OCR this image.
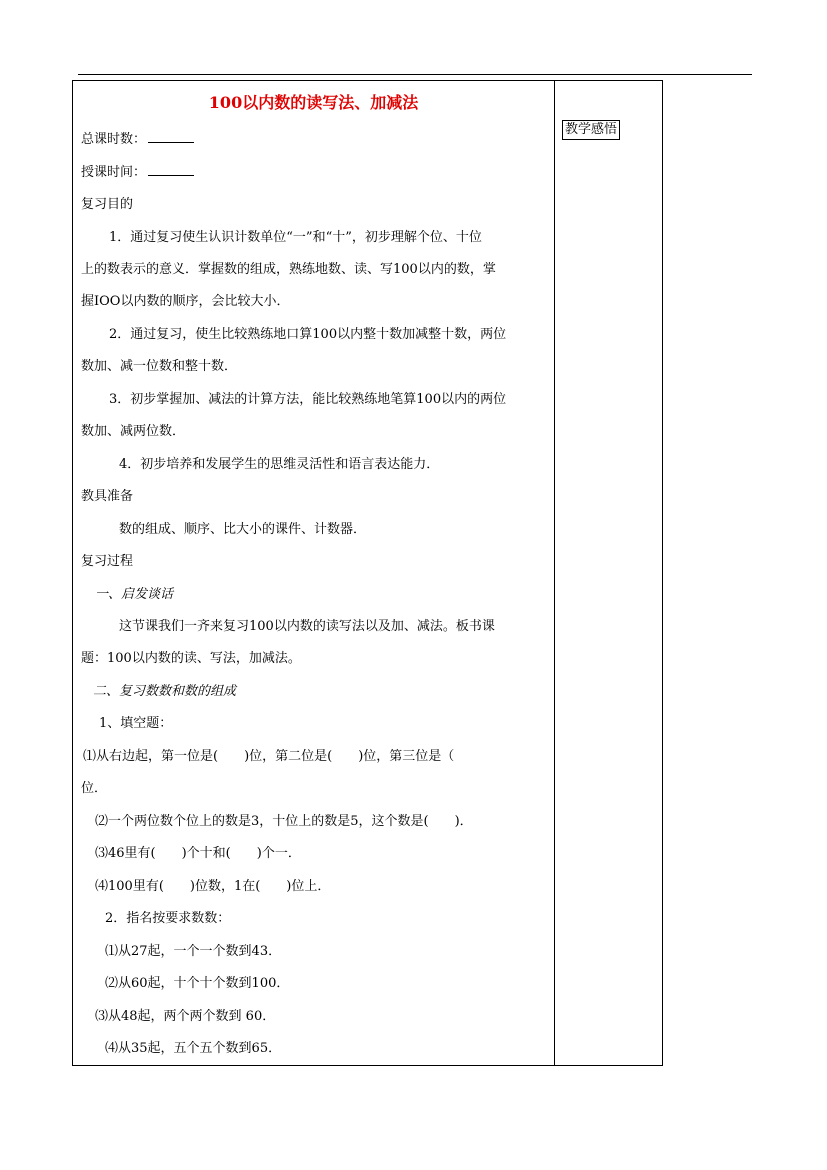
100以内数的读写法、加减法
教学感悟
总课时数：
授课时间：
复习目的
1．通过复习使生认识计数单位“一”和“十”，初步理解个位、十位
上的数表示的意义．掌握数的组成，熟练地数、读、写100以内的数，掌
握IOO以内数的顺序，会比较大小．
2．通过复习，使生比较熟练地口算100以内整十数加减整十数，两位
数加、减一位数和整十数．
3．初步掌握加、减法的计算方法，能比较熟练地笔算100以内的两位
数加、减两位数．
4．初步培养和发展学生的思维灵活性和语言表达能力．
教具准备
数的组成、顺序、比大小的课件、计数器．
复习过程
一、启发谈话
这节课我们一齐来复习100以内数的读写法以及加、减法。板书课
题：100以内数的读、写法，加减法。
二、复习数数和数的组成
1、填空题：
⑴从右边起，第一位是(　　)位，第二位是(　　)位，第三位是（
位．
⑵一个两位数个位上的数是3，十位上的数是5，这个数是(　　)．
⑶46里有(　　)个十和(　　)个一．
⑷100里有(　　)位数，1在(　　)位上．
2．指名按要求数数：
⑴从27起，一个一个数到43．
⑵从60起，十个十个数到100．
⑶从48起，两个两个数到 60．
⑷从35起，五个五个数到65．
